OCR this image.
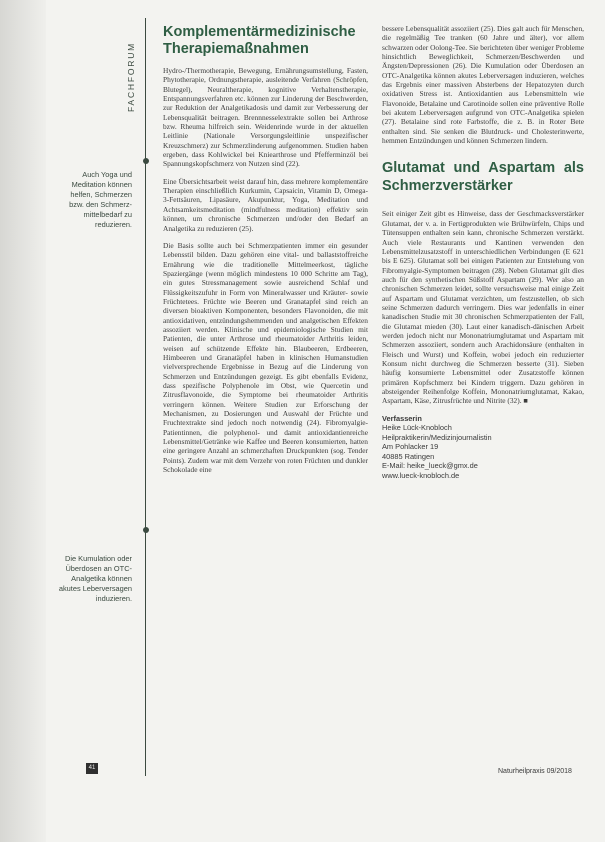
FACHFORUM
Auch Yoga und Meditation können helfen, Schmerzen bzw. den Schmerz-mittelbedarf zu reduzieren.
Die Kumulation oder Überdosen an OTC-Analgetika können akutes Leberversagen induzieren.
Komplementärmedizinische Therapiemaßnahmen

Hydro-/Thermotherapie, Bewegung, Ernährungsumstellung, Fasten, Phytotherapie, Ordnungstherapie, ausleitende Verfahren (Schröpfen, Blutegel), Neuraltherapie, kognitive Verhaltenstherapie, Entspannungsverfahren etc. können zur Linderung der Beschwerden, zur Reduktion der Analgetikadosis und damit zur Verbesserung der Lebensqualität beitragen. Brennnesselextrakte sollen bei Arthrose bzw. Rheuma hilfreich sein. Weidenrinde wurde in der aktuellen Leitlinie (Nationale Versorgungsleitlinie unspezifischer Kreuzschmerz) zur Schmerzlinderung aufgenommen. Studien haben ergeben, dass Kohlwickel bei Kniearthrose und Pfefferminzöl bei Spannungskopfschmerz von Nutzen sind (22).

Eine Übersichtsarbeit weist darauf hin, dass mehrere komplementäre Therapien einschließlich Kurkumin, Capsaicin, Vitamin D, Omega-3-Fettsäuren, Lipasäure, Akupunktur, Yoga, Meditation und Achtsamkeitsmeditation (mindfulness meditation) effektiv sein können, um chronische Schmerzen und/oder den Bedarf an Analgetika zu reduzieren (25).

Die Basis sollte auch bei Schmerzpatienten immer ein gesunder Lebensstil bilden. Dazu gehören eine vital- und ballaststoffreiche Ernährung wie die traditionelle Mittelmeerkost, tägliche Spaziergänge (wenn möglich mindestens 10 000 Schritte am Tag), ein gutes Stressmanagement sowie ausreichend Schlaf und Flüssigkeitszufuhr in Form von Mineralwasser und Kräuter- sowie Früchtetees. Früchte wie Beeren und Granatapfel sind reich an diversen bioaktiven Komponenten, besonders Flavonoiden, die mit antioxidativen, entzündungshemmenden und analgetischen Effekten assoziiert werden. Klinische und epidemiologische Studien mit Patienten, die unter Arthrose und rheumatoider Arthritis leiden, weisen auf schützende Effekte hin. Blaubeeren, Erdbeeren, Himbeeren und Granatäpfel haben in klinischen Humanstudien vielversprechende Ergebnisse in Bezug auf die Linderung von Schmerzen und Entzündungen gezeigt. Es gibt ebenfalls Evidenz, dass spezifische Polyphenole im Obst, wie Quercetin und Zitrusflavonoide, die Symptome bei rheumatoider Arthritis verringern können. Weitere Studien zur Erforschung der Mechanismen, zu Dosierungen und Auswahl der Früchte und Fruchtextrakte sind jedoch noch notwendig (24). Fibromyalgie-Patientinnen, die polyphenol- und damit antioxidantienreiche Lebensmittel/Getränke wie Kaffee und Beeren konsumierten, hatten eine geringere Anzahl an schmerzhaften Druckpunkten (sog. Tender Points). Zudem war mit dem Verzehr von roten Früchten und dunkler Schokolade eine

bessere Lebensqualität assoziiert (25). Dies galt auch für Menschen, die regelmäßig Tee tranken (60 Jahre und älter), vor allem schwarzen oder Oolong-Tee. Sie berichteten über weniger Probleme hinsichtlich Beweglichkeit, Schmerzen/Beschwerden und Ängsten/Depressionen (26). Die Kumulation oder Überdosen an OTC-Analgetika können akutes Leberversagen induzieren, welches das Ergebnis einer massiven Absterbens der Hepatozyten durch oxidativen Stress ist. Antioxidantien aus Lebensmitteln wie Flavonoide, Betalaine und Carotinoide sollen eine präventive Rolle bei akutem Leberversagen aufgrund von OTC-Analgetika spielen (27). Betalaine sind rote Farbstoffe, die z. B. in Roter Bete enthalten sind. Sie senken die Blutdruck- und Cholesterinwerte, hemmen Entzündungen und können Schmerzen lindern.

Glutamat und Aspartam als Schmerzverstärker

Seit einiger Zeit gibt es Hinweise, dass der Geschmacksverstärker Glutamat, der v. a. in Fertigprodukten wie Brühwürfeln, Chips und Tütensuppen enthalten sein kann, chronische Schmerzen verstärkt. Auch viele Restaurants und Kantinen verwenden den Lebensmittelzusatzstoff in unterschiedlichen Verbindungen (E 621 bis E 625). Glutamat soll bei einigen Patienten zur Entstehung von Fibromyalgie-Symptomen beitragen (28). Neben Glutamat gilt dies auch für den synthetischen Süßstoff Aspartam (29). Wer also an chronischen Schmerzen leidet, sollte versuchsweise mal einige Zeit auf Aspartam und Glutamat verzichten, um festzustellen, ob sich seine Schmerzen dadurch verringern. Dies war jedenfalls in einer kanadischen Studie mit 30 chronischen Schmerzpatienten der Fall, die Glutamat mieden (30). Laut einer kanadisch-dänischen Arbeit werden jedoch nicht nur Mononatriumglutamat und Aspartam mit Schmerzen assoziiert, sondern auch Arachidonsäure (enthalten in Fleisch und Wurst) und Koffein, wobei jedoch ein reduzierter Konsum nicht durchweg die Schmerzen besserte (31). Sieben häufig konsumierte Lebensmittel oder Zusatzstoffe können primären Kopfschmerz bei Kindern triggern. Dazu gehören in absteigender Reihenfolge Koffein, Mononatriumglutamat, Kakao, Aspartam, Käse, Zitrusfrüchte und Nitrite (32). ■

Verfasserin
Heike Lück-Knobloch
Heilpraktikerin/Medizinjournalistin
Am Pohlacker 19
40885 Ratingen
E-Mail: heike_lueck@gmx.de
www.lueck-knobloch.de
41	Naturheilpraxis 09/2018
